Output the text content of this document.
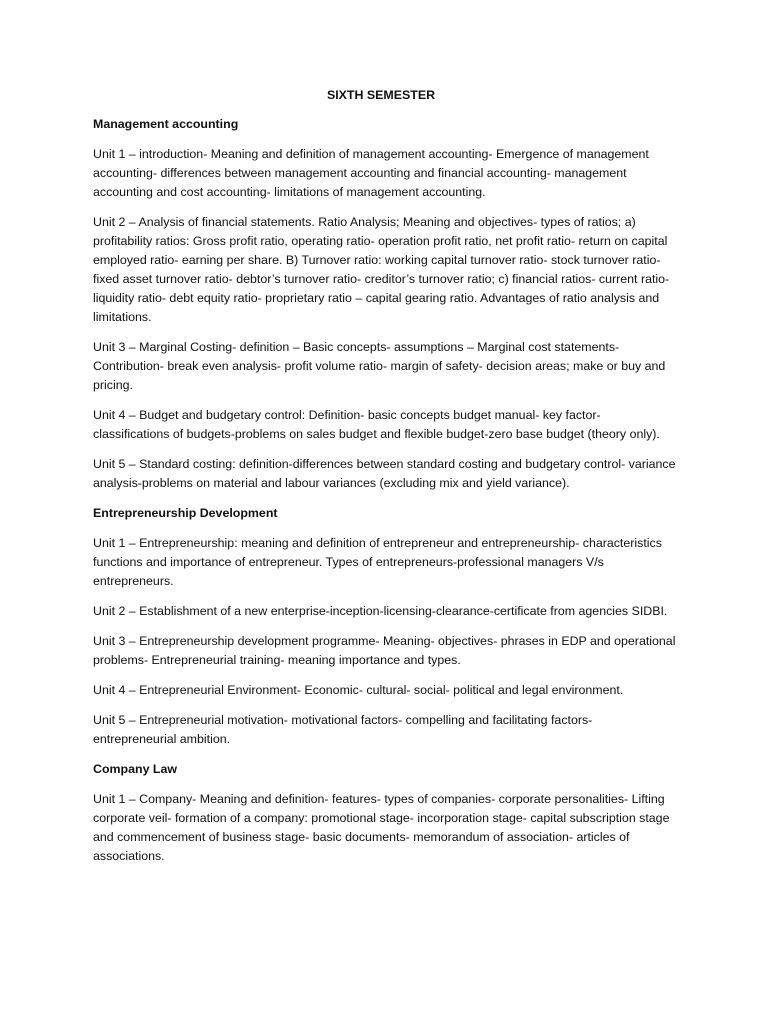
SIXTH SEMESTER
Management accounting

Unit 1 – introduction- Meaning and definition of management accounting- Emergence of management accounting- differences between management accounting and financial accounting- management accounting and cost accounting- limitations of management accounting.

Unit 2 – Analysis of financial statements. Ratio Analysis; Meaning and objectives- types of ratios; a) profitability ratios: Gross profit ratio, operating ratio- operation profit ratio, net profit ratio- return on capital employed ratio- earning per share. B) Turnover ratio: working capital turnover ratio- stock turnover ratio-fixed asset turnover ratio- debtor’s turnover ratio- creditor’s turnover ratio; c) financial ratios- current ratio- liquidity ratio- debt equity ratio- proprietary ratio – capital gearing ratio. Advantages of ratio analysis and limitations.

Unit 3 – Marginal Costing- definition – Basic concepts- assumptions – Marginal cost statements- Contribution- break even analysis- profit volume ratio- margin of safety- decision areas; make or buy and pricing.

Unit 4 – Budget and budgetary control: Definition- basic concepts budget manual- key factor- classifications of budgets-problems on sales budget and flexible budget-zero base budget (theory only).

Unit 5 – Standard costing: definition-differences between standard costing and budgetary control- variance analysis-problems on material and labour variances (excluding mix and yield variance).

Entrepreneurship Development

Unit 1 – Entrepreneurship: meaning and definition of entrepreneur and entrepreneurship- characteristics functions and importance of entrepreneur. Types of entrepreneurs-professional managers V/s entrepreneurs.

Unit 2 – Establishment of a new enterprise-inception-licensing-clearance-certificate from agencies SIDBI.

Unit 3 – Entrepreneurship development programme- Meaning- objectives- phrases in EDP and operational problems- Entrepreneurial training- meaning importance and types.

Unit 4 – Entrepreneurial Environment- Economic- cultural- social- political and legal environment.

Unit 5 – Entrepreneurial motivation- motivational factors- compelling and facilitating factors- entrepreneurial ambition.

Company Law

Unit 1 – Company- Meaning and definition- features- types of companies- corporate personalities- Lifting corporate veil- formation of a company: promotional stage- incorporation stage- capital subscription stage and commencement of business stage- basic documents- memorandum of association- articles of associations.
